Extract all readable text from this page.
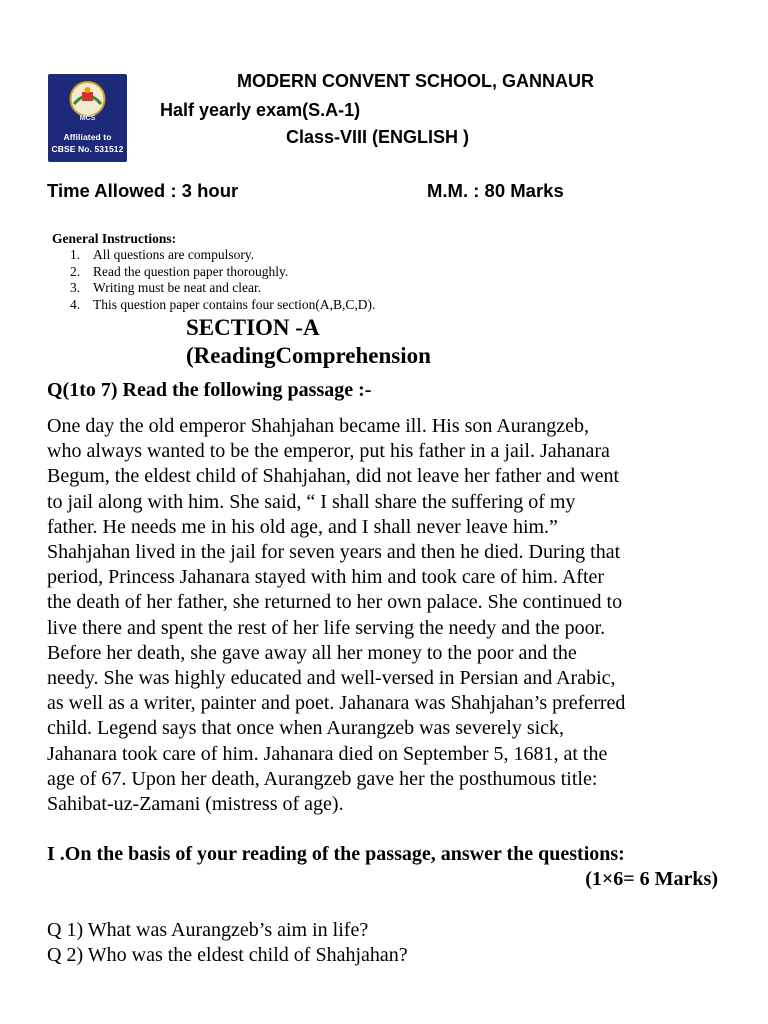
MCS
Affiliated to
CBSE No. 531512
MODERN CONVENT SCHOOL, GANNAUR
Half yearly exam(S.A-1)
Class-VIII (ENGLISH )
Time Allowed : 3 hour	M.M. : 80 Marks
General Instructions:
1. All questions are compulsory.
2. Read the question paper thoroughly.
3. Writing must be neat and clear.
4. This question paper contains four section(A,B,C,D).
SECTION -A
(ReadingComprehension
Q(1to 7) Read the following passage :-
One day the old emperor Shahjahan became ill. His son Aurangzeb,
who always wanted to be the emperor, put his father in a jail. Jahanara
Begum, the eldest child of Shahjahan, did not leave her father and went
to jail along with him. She said, “ I shall share the suffering of my
father. He needs me in his old age, and I shall never leave him.”
Shahjahan lived in the jail for seven years and then he died. During that
period, Princess Jahanara stayed with him and took care of him. After
the death of her father, she returned to her own palace. She continued to
live there and spent the rest of her life serving the needy and the poor.
Before her death, she gave away all her money to the poor and the
needy. She was highly educated and well-versed in Persian and Arabic,
as well as a writer, painter and poet. Jahanara was Shahjahan’s preferred
child. Legend says that once when Aurangzeb was severely sick,
Jahanara took care of him. Jahanara died on September 5, 1681, at the
age of 67. Upon her death, Aurangzeb gave her the posthumous title:
Sahibat-uz-Zamani (mistress of age).
I .On the basis of your reading of the passage, answer the questions:
(1×6= 6 Marks)
Q 1) What was Aurangzeb’s aim in life?
Q 2) Who was the eldest child of Shahjahan?
